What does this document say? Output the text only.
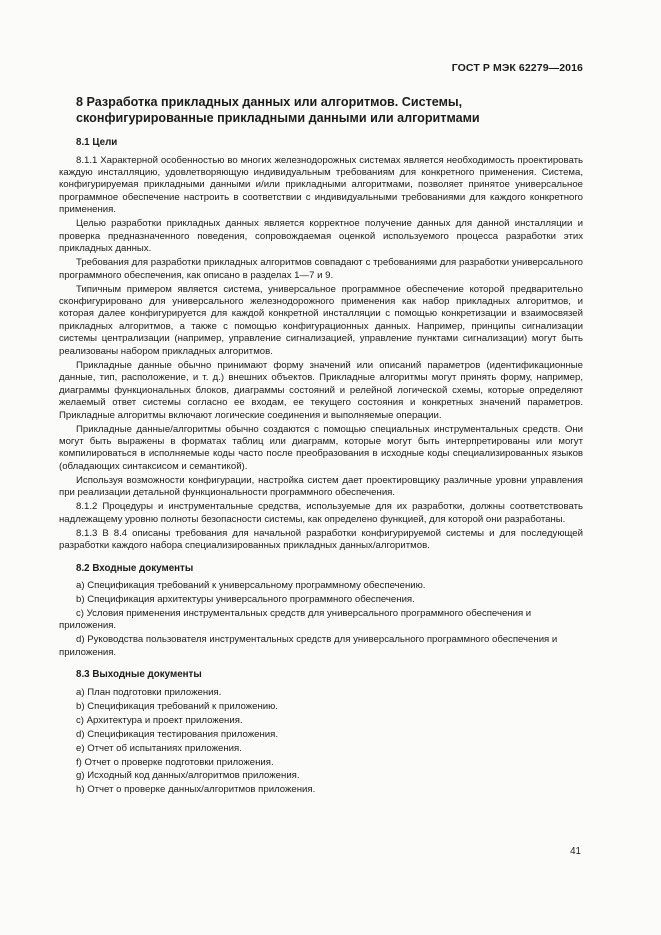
ГОСТ Р МЭК 62279—2016
8 Разработка прикладных данных или алгоритмов. Системы,
сконфигурированные прикладными данными или алгоритмами
8.1 Цели

8.1.1 Характерной особенностью во многих железнодорожных системах является необходимость проектировать каждую инсталляцию, удовлетворяющую индивидуальным требованиям для конкретного применения. Система, конфигурируемая прикладными данными и/или прикладными алгоритмами, позволяет принятое универсальное программное обеспечение настроить в соответствии с индивидуальными требованиями для каждого конкретного применения.

Целью разработки прикладных данных является корректное получение данных для данной инсталляции и проверка предназначенного поведения, сопровождаемая оценкой используемого процесса разработки этих прикладных данных.

Требования для разработки прикладных алгоритмов совпадают с требованиями для разработки универсального программного обеспечения, как описано в разделах 1—7 и 9.

Типичным примером является система, универсальное программное обеспечение которой предварительно сконфигурировано для универсального железнодорожного применения как набор прикладных алгоритмов, и которая далее конфигурируется для каждой конкретной инсталляции с помощью конкретизации и взаимосвязей прикладных алгоритмов, а также с помощью конфигурационных данных. Например, принципы сигнализации системы централизации (например, управление сигнализацией, управление пунктами сигнализации) могут быть реализованы набором прикладных алгоритмов.

Прикладные данные обычно принимают форму значений или описаний параметров (идентификационные данные, тип, расположение, и т. д.) внешних объектов. Прикладные алгоритмы могут принять форму, например, диаграммы функциональных блоков, диаграммы состояний и релейной логической схемы, которые определяют желаемый ответ системы согласно ее входам, ее текущего состояния и конкретных значений параметров. Прикладные алгоритмы включают логические соединения и выполняемые операции.

Прикладные данные/алгоритмы обычно создаются с помощью специальных инструментальных средств. Они могут быть выражены в форматах таблиц или диаграмм, которые могут быть интерпретированы или могут компилироваться в исполняемые коды часто после преобразования в исходные коды специализированных языков (обладающих синтаксисом и семантикой).

Используя возможности конфигурации, настройка систем дает проектировщику различные уровни управления при реализации детальной функциональности программного обеспечения.

8.1.2 Процедуры и инструментальные средства, используемые для их разработки, должны соответствовать надлежащему уровню полноты безопасности системы, как определено функцией, для которой они разработаны.

8.1.3 В 8.4 описаны требования для начальной разработки конфигурируемой системы и для последующей разработки каждого набора специализированных прикладных данных/алгоритмов.

8.2 Входные документы

a) Спецификация требований к универсальному программному обеспечению.

b) Спецификация архитектуры универсального программного обеспечения.

c) Условия применения инструментальных средств для универсального программного обеспечения и приложения.

d) Руководства пользователя инструментальных средств для универсального программного обеспечения и приложения.

8.3 Выходные документы

a) План подготовки приложения.

b) Спецификация требований к приложению.

c) Архитектура и проект приложения.

d) Спецификация тестирования приложения.

e) Отчет об испытаниях приложения.

f) Отчет о проверке подготовки приложения.

g) Исходный код данных/алгоритмов приложения.

h) Отчет о проверке данных/алгоритмов приложения.

41
